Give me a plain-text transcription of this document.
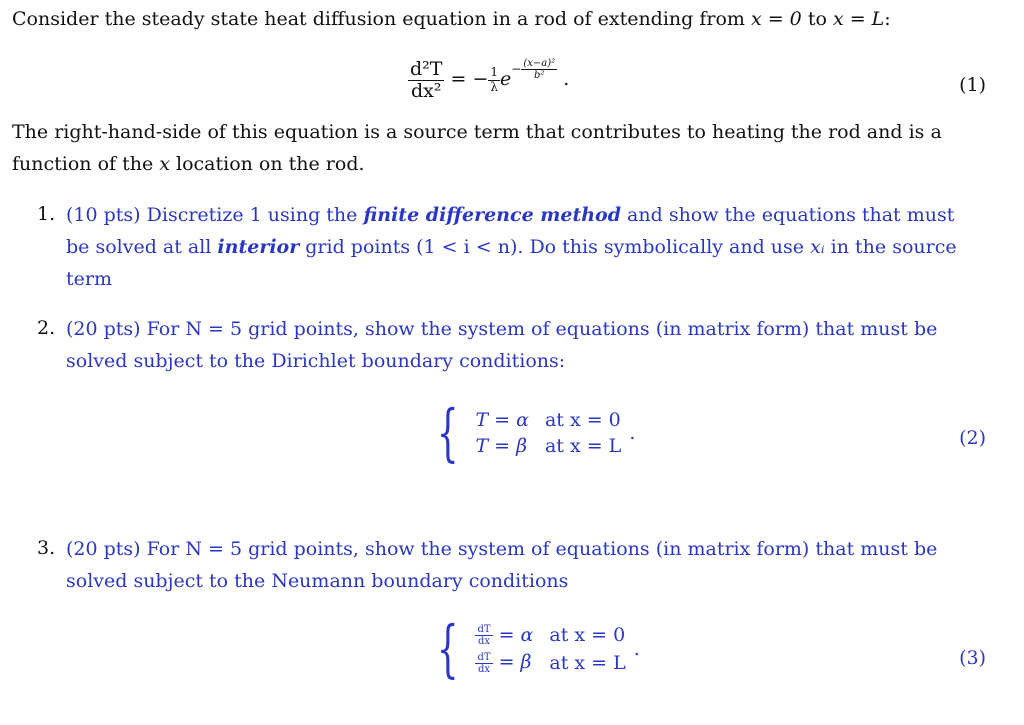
Consider the steady state heat diffusion equation in a rod of extending from x = 0 to x = L:
$\frac{\text{d²T}}{\text{dx²}}$ = − $\frac{1}{\lambda} e^{- \frac{\text{(x−a)²}}{\text{b²}}}$ .	(1)
The right-hand-side of this equation is a source term that contributes to heating the rod and is a
function of the x location on the rod.
1. (10 pts) Discretize 1 using the finite difference method and show the equations that must
be solved at all interior grid points (1 < i < n). Do this symbolically and use xᵢ in the source
term
2. (20 pts) For N = 5 grid points, show the system of equations (in matrix form) that must be
solved subject to the Dirichlet boundary conditions:
{ T = α	at x = 0
T = β	at x = L
.	(2)
3. (20 pts) For N = 5 grid points, show the system of equations (in matrix form) that must be
solved subject to the Neumann boundary conditions
{ $\frac{dT}{dx} = \alpha$	at x = 0

$\frac{dT}{dx} = \beta$	at x = L
.	(3)
